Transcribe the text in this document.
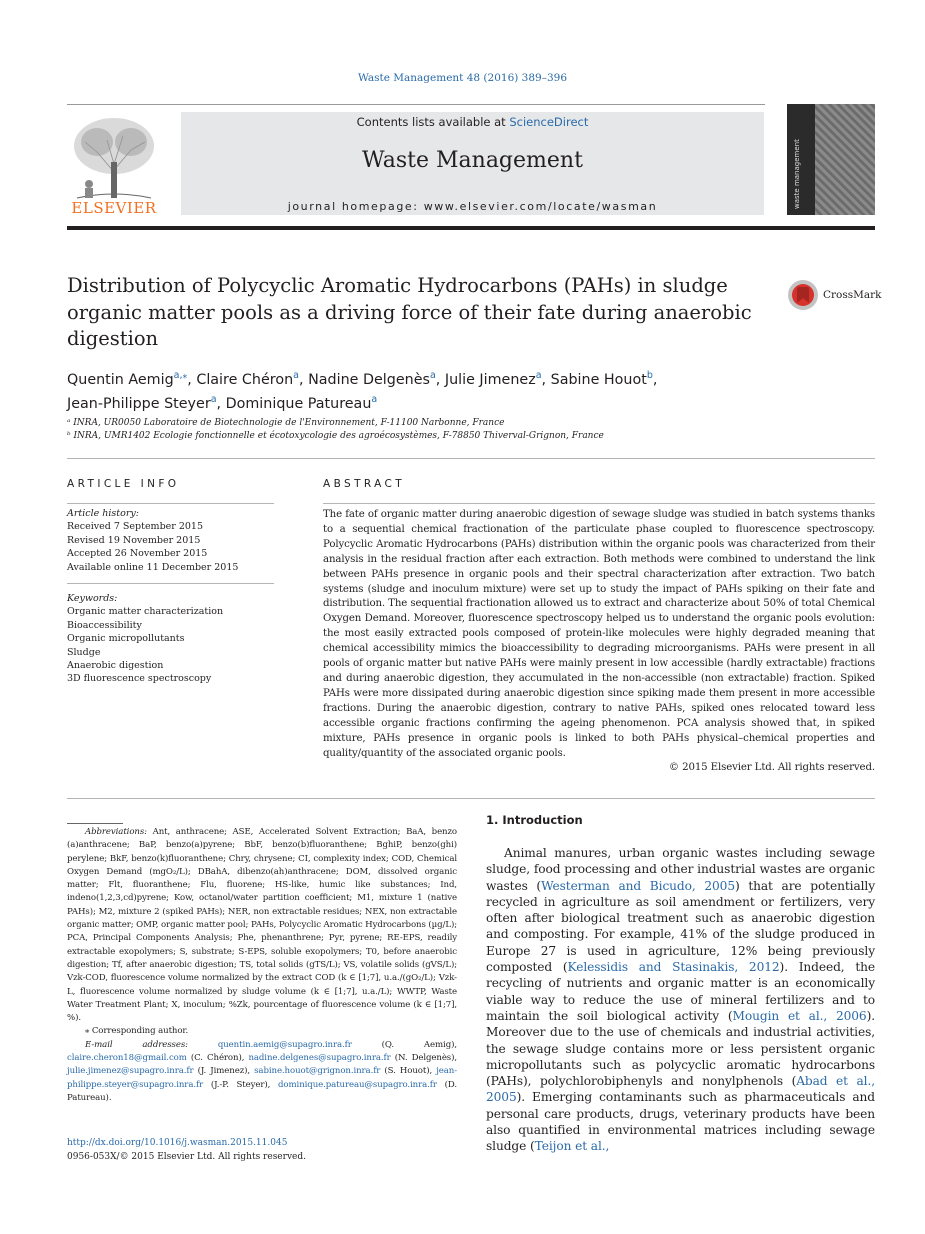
Waste Management 48 (2016) 389–396
ELSEVIER
Contents lists available at ScienceDirect
Waste Management
journal homepage: www.elsevier.com/locate/wasman	waste management
Distribution of Polycyclic Aromatic Hydrocarbons (PAHs) in sludge organic matter pools as a driving force of their fate during anaerobic digestion
CrossMark
Quentin Aemig$^{a,⁎}$, Claire Chéron$^a$, Nadine Delgenès$^a$, Julie Jimenez$^a$, Sabine Houot$^b$,
Jean-Philippe Steyer$^a$, Dominique Patureau$^a$
ᵃ INRA, UR0050 Laboratoire de Biotechnologie de l'Environnement, F-11100 Narbonne, France
ᵇ INRA, UMR1402 Ecologie fonctionnelle et écotoxycologie des agroécosystèmes, F-78850 Thiverval-Grignon, France
ARTICLE INFO
Article history:
Received 7 September 2015
Revised 19 November 2015
Accepted 26 November 2015
Available online 11 December 2015
Keywords:
Organic matter characterization
Bioaccessibility
Organic micropollutants
Sludge
Anaerobic digestion
3D fluorescence spectroscopy
ABSTRACT
The fate of organic matter during anaerobic digestion of sewage sludge was studied in batch systems thanks to a sequential chemical fractionation of the particulate phase coupled to fluorescence spectroscopy. Polycyclic Aromatic Hydrocarbons (PAHs) distribution within the organic pools was characterized from their analysis in the residual fraction after each extraction. Both methods were combined to understand the link between PAHs presence in organic pools and their spectral characterization after extraction. Two batch systems (sludge and inoculum mixture) were set up to study the impact of PAHs spiking on their fate and distribution. The sequential fractionation allowed us to extract and characterize about 50% of total Chemical Oxygen Demand. Moreover, fluorescence spectroscopy helped us to understand the organic pools evolution: the most easily extracted pools composed of protein-like molecules were highly degraded meaning that chemical accessibility mimics the bioaccessibility to degrading microorganisms. PAHs were present in all pools of organic matter but native PAHs were mainly present in low accessible (hardly extractable) fractions and during anaerobic digestion, they accumulated in the non-accessible (non extractable) fraction. Spiked PAHs were more dissipated during anaerobic digestion since spiking made them present in more accessible fractions. During the anaerobic digestion, contrary to native PAHs, spiked ones relocated toward less accessible organic fractions confirming the ageing phenomenon. PCA analysis showed that, in spiked mixture, PAHs presence in organic pools is linked to both PAHs physical–chemical properties and quality/quantity of the associated organic pools.
© 2015 Elsevier Ltd. All rights reserved.

Abbreviations: Ant, anthracene; ASE, Accelerated Solvent Extraction; BaA, benzo (a)anthracene; BaP, benzo(a)pyrene; BbF, benzo(b)fluoranthene; BghiP, benzo(ghi) perylene; BkF, benzo(k)fluoranthene; Chry, chrysene; CI, complexity index; COD, Chemical Oxygen Demand (mgO₂/L); DBahA, dibenzo(ah)anthracene; DOM, dissolved organic matter; Flt, fluoranthene; Flu, fluorene; HS-like, humic like substances; Ind, indeno(1,2,3,cd)pyrene; Kow, octanol/water partition coefficient; M1, mixture 1 (native PAHs); M2, mixture 2 (spiked PAHs); NER, non extractable residues; NEX, non extractable organic matter; OMP, organic matter pool; PAHs, Polycyclic Aromatic Hydrocarbons (µg/L); PCA, Principal Components Analysis; Phe, phenanthrene; Pyr, pyrene; RE-EPS, readily extractable exopolymers; S, substrate; S-EPS, soluble exopolymers; T0, before anaerobic digestion; Tf, after anaerobic digestion; TS, total solids (gTS/L); VS, volatile solids (gVS/L); Vzk-COD, fluorescence volume normalized by the extract COD (k ∈ [1;7], u.a./(gO₂/L); Vzk-L, fluorescence volume normalized by sludge volume (k ∈ [1;7], u.a./L); WWTP, Waste Water Treatment Plant; X, inoculum; %Zk, pourcentage of fluorescence volume (k ∈ [1;7], %).

⁎ Corresponding author.

E-mail addresses:	quentin.aemig@supagro.inra.fr (Q. Aemig), claire.cheron18@gmail.com (C. Chéron), nadine.delgenes@supagro.inra.fr (N. Delgenès), julie.jimenez@supagro.inra.fr (J. Jimenez), sabine.houot@grignon.inra.fr (S. Houot), jean-philippe.steyer@supagro.inra.fr (J.-P. Steyer), dominique.patureau@supagro.inra.fr (D. Patureau).

http://dx.doi.org/10.1016/j.wasman.2015.11.045
0956-053X/© 2015 Elsevier Ltd. All rights reserved.
1. Introduction
Animal manures, urban organic wastes including sewage sludge, food processing and other industrial wastes are organic wastes (Westerman and Bicudo, 2005) that are potentially recycled in agriculture as soil amendment or fertilizers, very often after biological treatment such as anaerobic digestion and composting. For example, 41% of the sludge produced in Europe 27 is used in agriculture, 12% being previously composted (Kelessidis and Stasinakis, 2012). Indeed, the recycling of nutrients and organic matter is an economically viable way to reduce the use of mineral fertilizers and to maintain the soil biological activity (Mougin et al., 2006). Moreover due to the use of chemicals and industrial activities, the sewage sludge contains more or less persistent organic micropollutants such as polycyclic aromatic hydrocarbons (PAHs), polychlorobiphenyls and nonylphenols (Abad et al., 2005). Emerging contaminants such as pharmaceuticals and personal care products, drugs, veterinary products have been also quantified in environmental matrices including sewage sludge (Teijon et al.,
